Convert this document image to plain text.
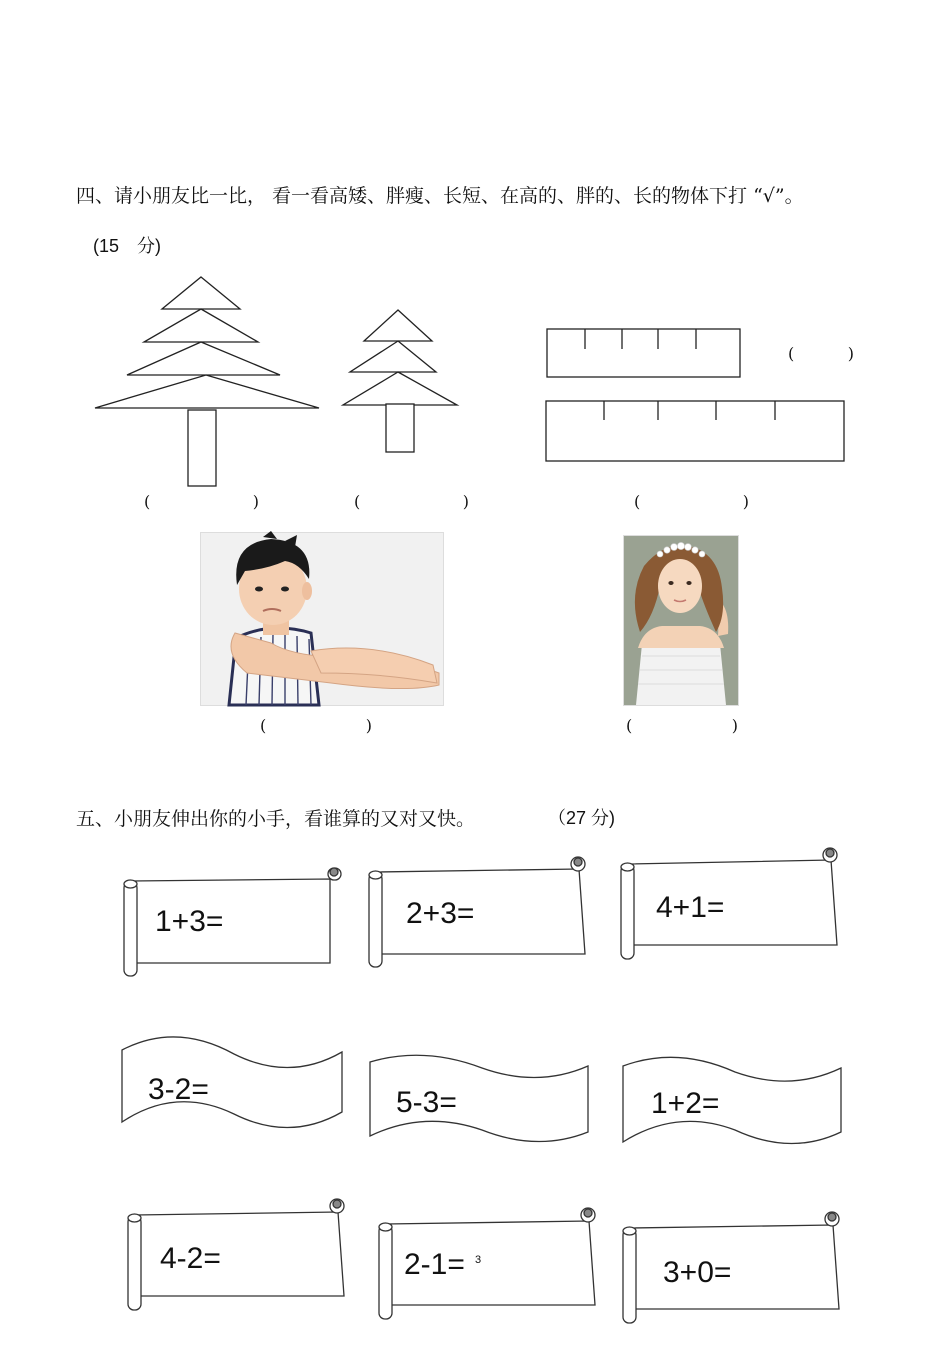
四、请小朋友比一比， 看一看高矮、胖瘦、长短、在高的、胖的、长的物体下打 “√”。
(15　分)
(	)
(	)	(	)	(	)
(	)	(	)
五、小朋友伸出你的小手，看谁算的又对又快。	（27 分)
1+3=	2+3=	4+1=
3-2=	5-3=	1+2=
4-2=	2-1= 3	3+0=
